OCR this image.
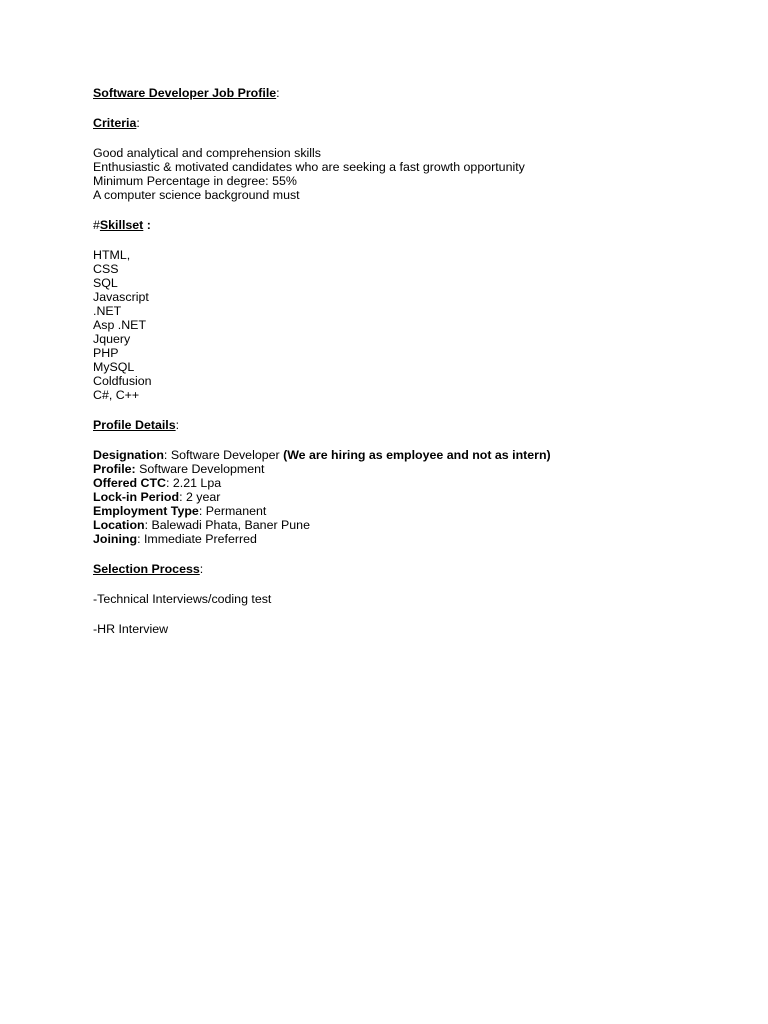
Software Developer Job Profile:
Criteria:
Good analytical and comprehension skills
Enthusiastic & motivated candidates who are seeking a fast growth opportunity
Minimum Percentage in degree: 55%
A computer science background must
#Skillset :
HTML,
CSS
SQL
Javascript
.NET
Asp .NET
Jquery
PHP
MySQL
Coldfusion
C#, C++
Profile Details:
Designation: Software Developer (We are hiring as employee and not as intern)
Profile: Software Development
Offered CTC: 2.21 Lpa
Lock-in Period: 2 year
Employment Type: Permanent
Location: Balewadi Phata, Baner Pune
Joining: Immediate Preferred
Selection Process:
-Technical Interviews/coding test
-HR Interview
